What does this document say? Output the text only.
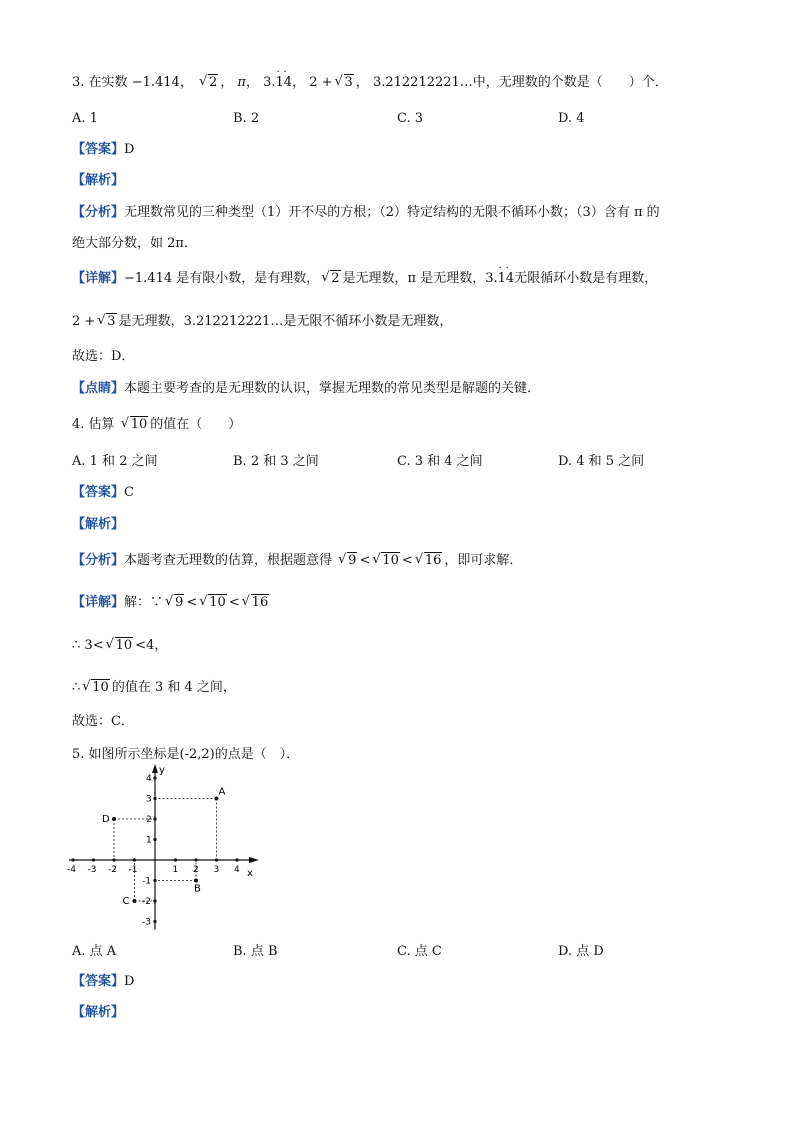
3. 在实数 −1.414， √ 2 ， π， 3.14
· ·
， 2 + √ 3 ， 3.212212221…中，无理数的个数是（　　）个．
A. 1	B. 2	C. 3	D. 4
【答案】D
【解析】
【分析】无理数常见的三种类型（1）开不尽的方根；（2）特定结构的无限不循环小数；（3）含有 π 的
绝大部分数，如 2π．
【详解】−1.414 是有限小数，是有理数， √ 2 是无理数，π 是无理数，3.14
· ·
无限循环小数是有理数，
2 + √ 3 是无理数，3.212212221…是无限不循环小数是无理数，
故选：D．
【点睛】本题主要考查的是无理数的认识，掌握无理数的常见类型是解题的关键．
4. 估算 √ 10 的值在（　　）
A. 1 和 2 之间	B. 2 和 3 之间	C. 3 和 4 之间	D. 4 和 5 之间
【答案】C
【解析】
【分析】本题考查无理数的估算，根据题意得 √ 9 < √ 10 < √ 16 ，即可求解．
【详解】解：∵ √ 9 < √ 10 < √ 16
∴ 3< √ 10 <4，
∴ √ 10 的值在 3 和 4 之间，
故选：C．
5. 如图所示坐标是(-2,2)的点是（　）．
x
y
-4 -3 -2 -1	1 2 3 4
4
3
2
1
-1
-2
-3
A
B
C
D
A. 点 A	B. 点 B	C. 点 C	D. 点 D
【答案】D
【解析】
